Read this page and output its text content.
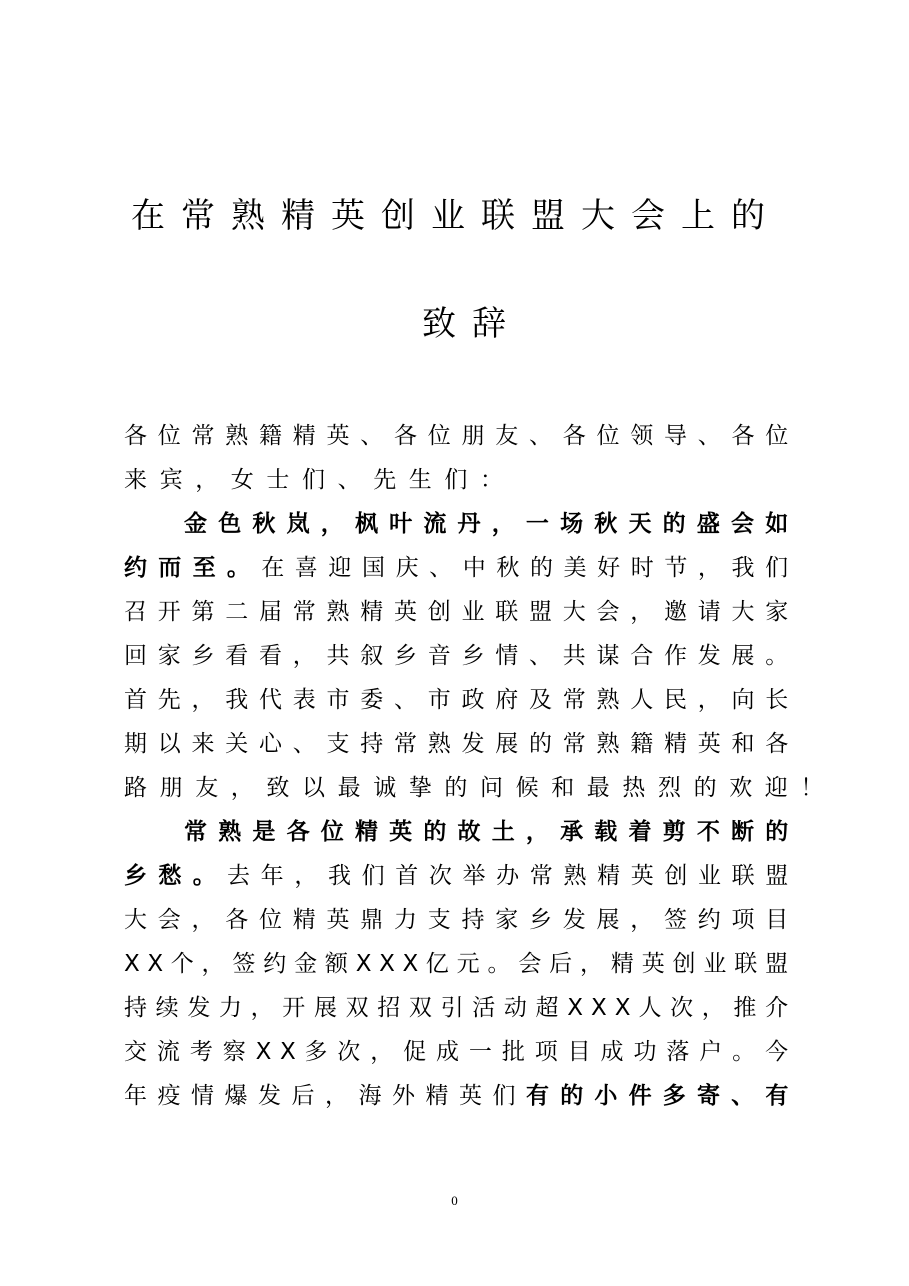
在常熟精英创业联盟大会上的
致辞
各 位 常 熟 籍 精 英 、 各 位 朋 友 、 各 位 领 导 、 各 位
来宾，女士们、先生们：
金 色 秋 岚 ， 枫 叶 流 丹 ， 一 场 秋 天 的 盛 会 如
约 而 至 。 在 喜 迎 国 庆 、 中 秋 的 美 好 时 节 ， 我 们
召 开 第 二 届 常 熟 精 英 创 业 联 盟 大 会 ， 邀 请 大 家
回 家 乡 看 看 ， 共 叙 乡 音 乡 情 、 共 谋 合 作 发 展 。
首 先 ， 我 代 表 市 委 、 市 政 府 及 常 熟 人 民 ， 向 长
期 以 来 关 心 、 支 持 常 熟 发 展 的 常 熟 籍 精 英 和 各
路朋友，致以最诚挚的问候和最热烈的欢迎！
常 熟 是 各 位 精 英 的 故 土 ， 承 载 着 剪 不 断 的
乡 愁 。 去 年 ， 我 们 首 次 举 办 常 熟 精 英 创 业 联 盟
大 会 ， 各 位 精 英 鼎 力 支 持 家 乡 发 展 ， 签 约 项 目
X X 个 ， 签 约 金 额 X X X 亿 元 。 会 后 ， 精 英 创 业 联 盟
持 续 发 力 ， 开 展 双 招 双 引 活 动 超 X X X 人 次 ， 推 介
交 流 考 察 X X 多 次 ， 促 成 一 批 项 目 成 功 落 户 。 今
年 疫 情 爆 发 后 ， 海 外 精 英 们 有 的 小 件 多 寄 、 有
0
